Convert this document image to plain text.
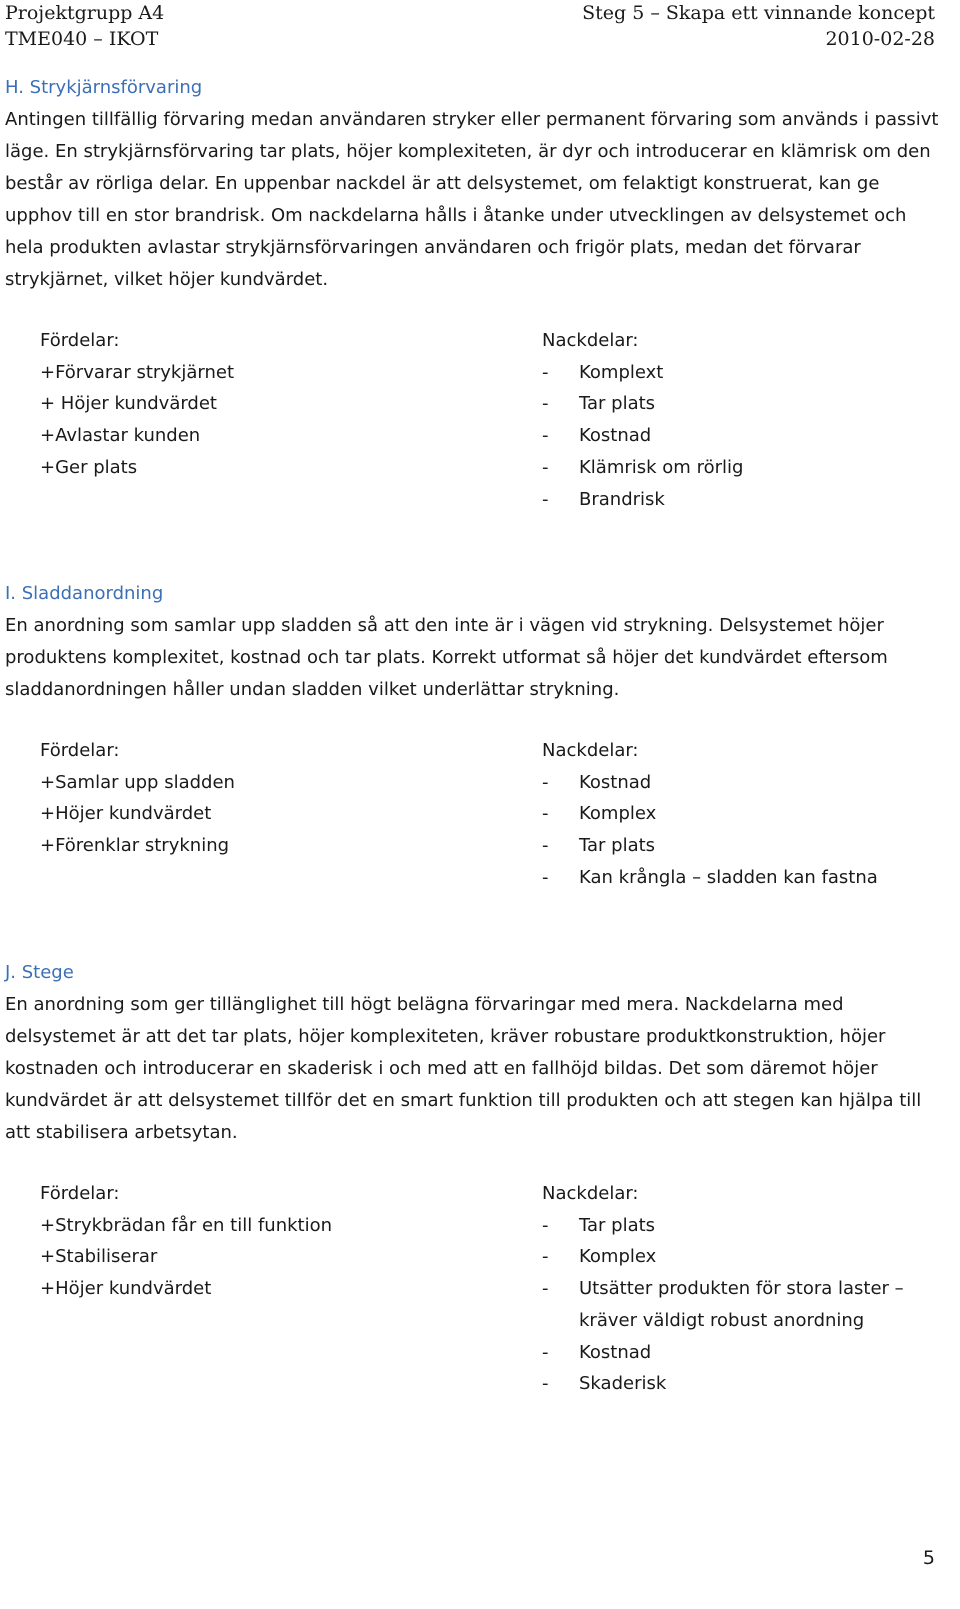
Projektgrupp A4
TME040 – IKOT
Steg 5 – Skapa ett vinnande koncept
2010-02-28
H. Strykjärnsförvaring

Antingen tillfällig förvaring medan användaren stryker eller permanent förvaring som används i passivt läge. En strykjärnsförvaring tar plats, höjer komplexiteten, är dyr och introducerar en klämrisk om den består av rörliga delar. En uppenbar nackdel är att delsystemet, om felaktigt konstruerat, kan ge upphov till en stor brandrisk. Om nackdelarna hålls i åtanke under utvecklingen av delsystemet och hela produkten avlastar strykjärnsförvaringen användaren och frigör plats, medan det förvarar strykjärnet, vilket höjer kundvärdet.

Fördelar:
+Förvarar strykjärnet
+ Höjer kundvärdet
+Avlastar kunden
+Ger plats
Nackdelar:
- Komplext
- Tar plats
- Kostnad
- Klämrisk om rörlig
- Brandrisk
I. Sladdanordning

En anordning som samlar upp sladden så att den inte är i vägen vid strykning. Delsystemet höjer produktens komplexitet, kostnad och tar plats. Korrekt utformat så höjer det kundvärdet eftersom sladdanordningen håller undan sladden vilket underlättar strykning.

Fördelar:
+Samlar upp sladden
+Höjer kundvärdet
+Förenklar strykning
Nackdelar:
- Kostnad
- Komplex
- Tar plats
- Kan krångla – sladden kan fastna
J. Stege

En anordning som ger tillänglighet till högt belägna förvaringar med mera. Nackdelarna med delsystemet är att det tar plats, höjer komplexiteten, kräver robustare produktkonstruktion, höjer kostnaden och introducerar en skaderisk i och med att en fallhöjd bildas. Det som däremot höjer kundvärdet är att delsystemet tillför det en smart funktion till produkten och att stegen kan hjälpa till att stabilisera arbetsytan.

Fördelar:
+Strykbrädan får en till funktion
+Stabiliserar
+Höjer kundvärdet
Nackdelar:
- Tar plats
- Komplex
- Utsätter produkten för stora laster – kräver väldigt robust anordning
- Kostnad
- Skaderisk
5
